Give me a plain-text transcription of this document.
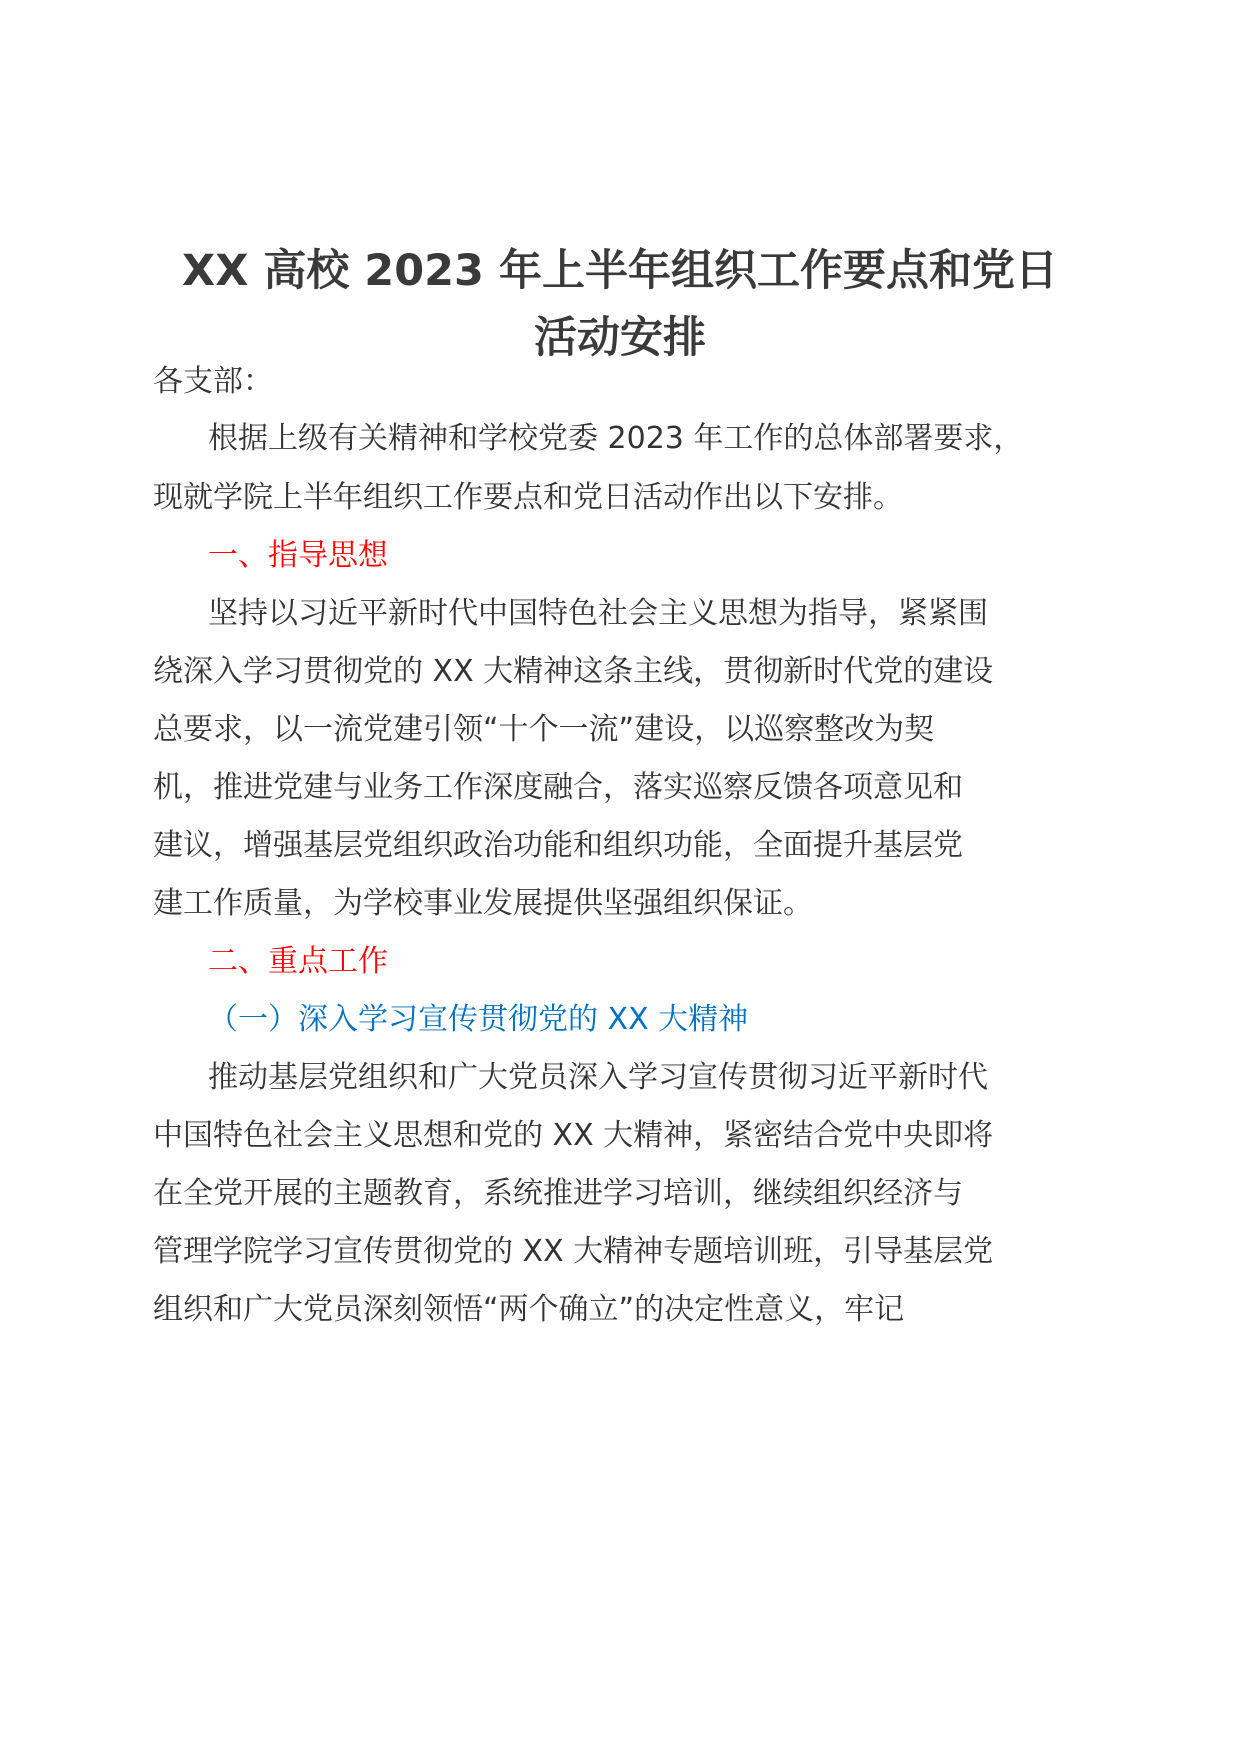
XX 高校 2023 年上半年组织工作要点和党日
活动安排
各支部：
根据上级有关精神和学校党委 2023 年工作的总体部署要求，
现就学院上半年组织工作要点和党日活动作出以下安排。
一、指导思想
坚持以习近平新时代中国特色社会主义思想为指导，紧紧围
绕深入学习贯彻党的 XX 大精神这条主线，贯彻新时代党的建设
总要求，以一流党建引领“十个一流”建设，以巡察整改为契
机，推进党建与业务工作深度融合，落实巡察反馈各项意见和
建议，增强基层党组织政治功能和组织功能，全面提升基层党
建工作质量，为学校事业发展提供坚强组织保证。
二、重点工作
（一）深入学习宣传贯彻党的 XX 大精神
推动基层党组织和广大党员深入学习宣传贯彻习近平新时代
中国特色社会主义思想和党的 XX 大精神，紧密结合党中央即将
在全党开展的主题教育，系统推进学习培训，继续组织经济与
管理学院学习宣传贯彻党的 XX 大精神专题培训班，引导基层党
组织和广大党员深刻领悟“两个确立”的决定性意义，牢记
